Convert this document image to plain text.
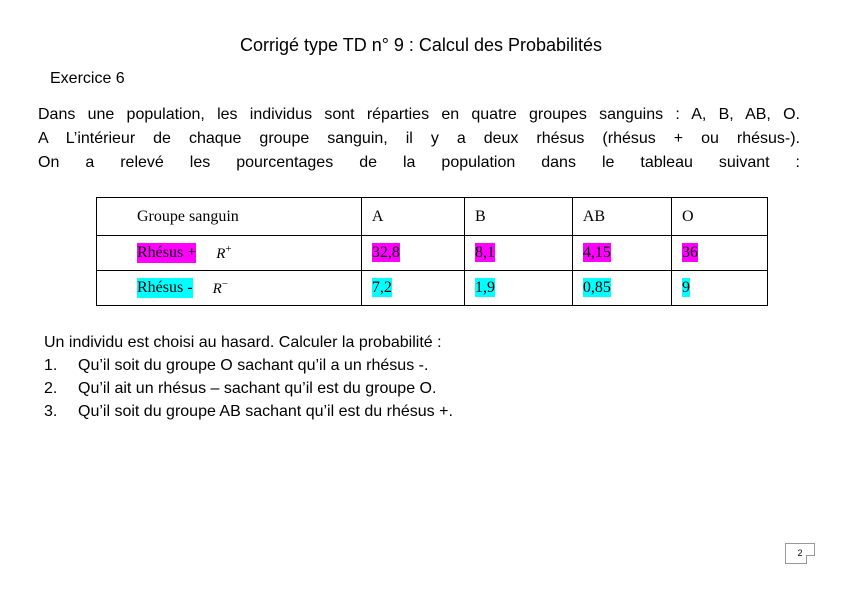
Corrigé type TD n° 9 : Calcul des Probabilités
Exercice 6
Dans une population, les individus sont réparties en quatre groupes sanguins : A, B, AB, O.
A L’intérieur de chaque groupe sanguin, il y a deux rhésus (rhésus + ou rhésus-).
On a relevé les pourcentages de la population dans le tableau suivant :
Groupe sanguin	A	B	AB	O

Rhésus + R+	32,8	8,1	4,15	36

Rhésus - R−	7,2	1,9	0,85	9
Un individu est choisi au hasard. Calculer la probabilité :
1.	Qu’il soit du groupe O sachant qu’il a un rhésus -.
2.	Qu’il ait un rhésus – sachant qu’il est du groupe O.
3.	Qu’il soit du groupe AB sachant qu’il est du rhésus +.
2
